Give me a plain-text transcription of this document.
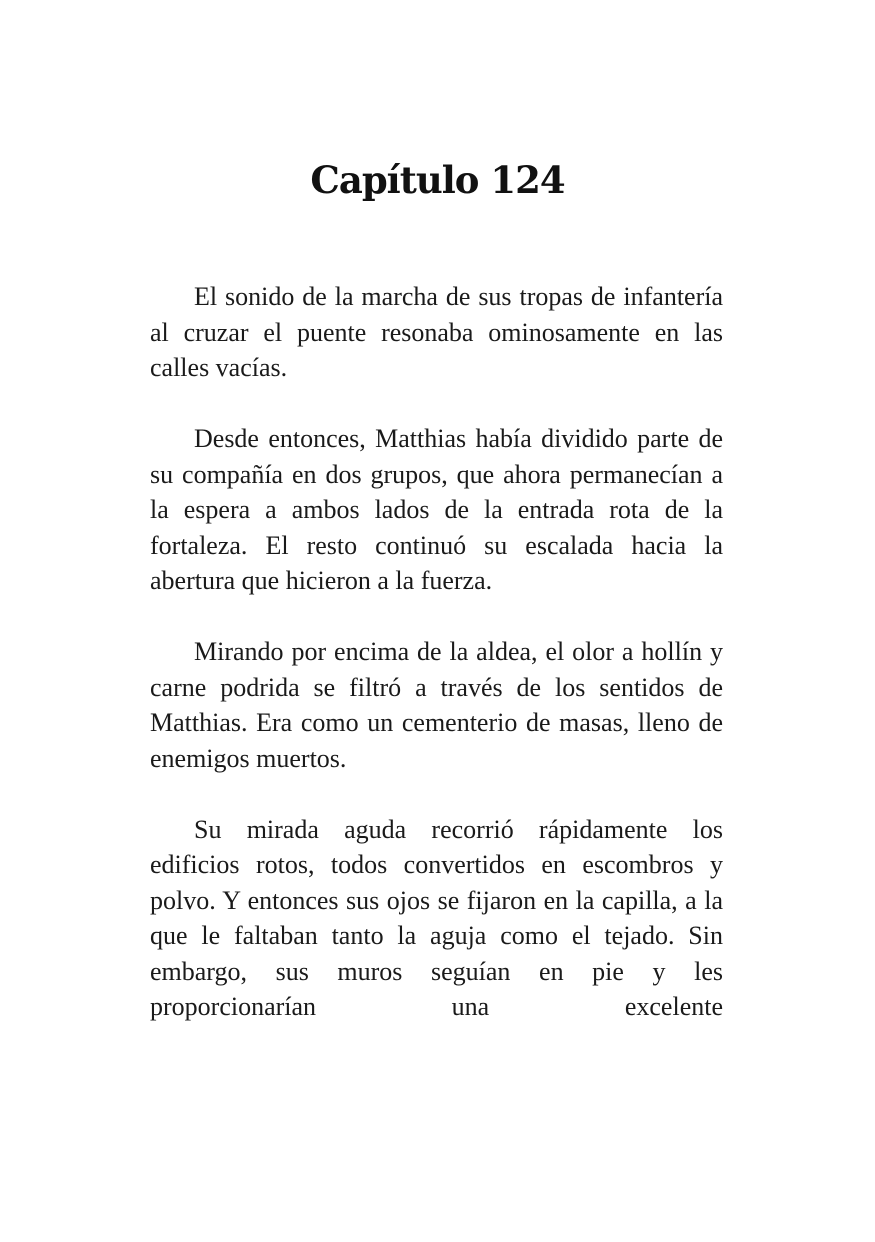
Capítulo 124

El sonido de la marcha de sus tropas de infantería al cruzar el puente resonaba ominosamente en las calles vacías.

Desde entonces, Matthias había dividido parte de su compañía en dos grupos, que ahora permanecían a la espera a ambos lados de la entrada rota de la fortaleza. El resto continuó su escalada hacia la abertura que hicieron a la fuerza.

Mirando por encima de la aldea, el olor a hollín y carne podrida se filtró a través de los sentidos de Matthias. Era como un cementerio de masas, lleno de enemigos muertos.

Su mirada aguda recorrió rápidamente los edificios rotos, todos convertidos en escombros y polvo. Y entonces sus ojos se fijaron en la capilla, a la que le faltaban tanto la aguja como el tejado. Sin embargo, sus muros seguían en pie y les proporcionarían una excelente
